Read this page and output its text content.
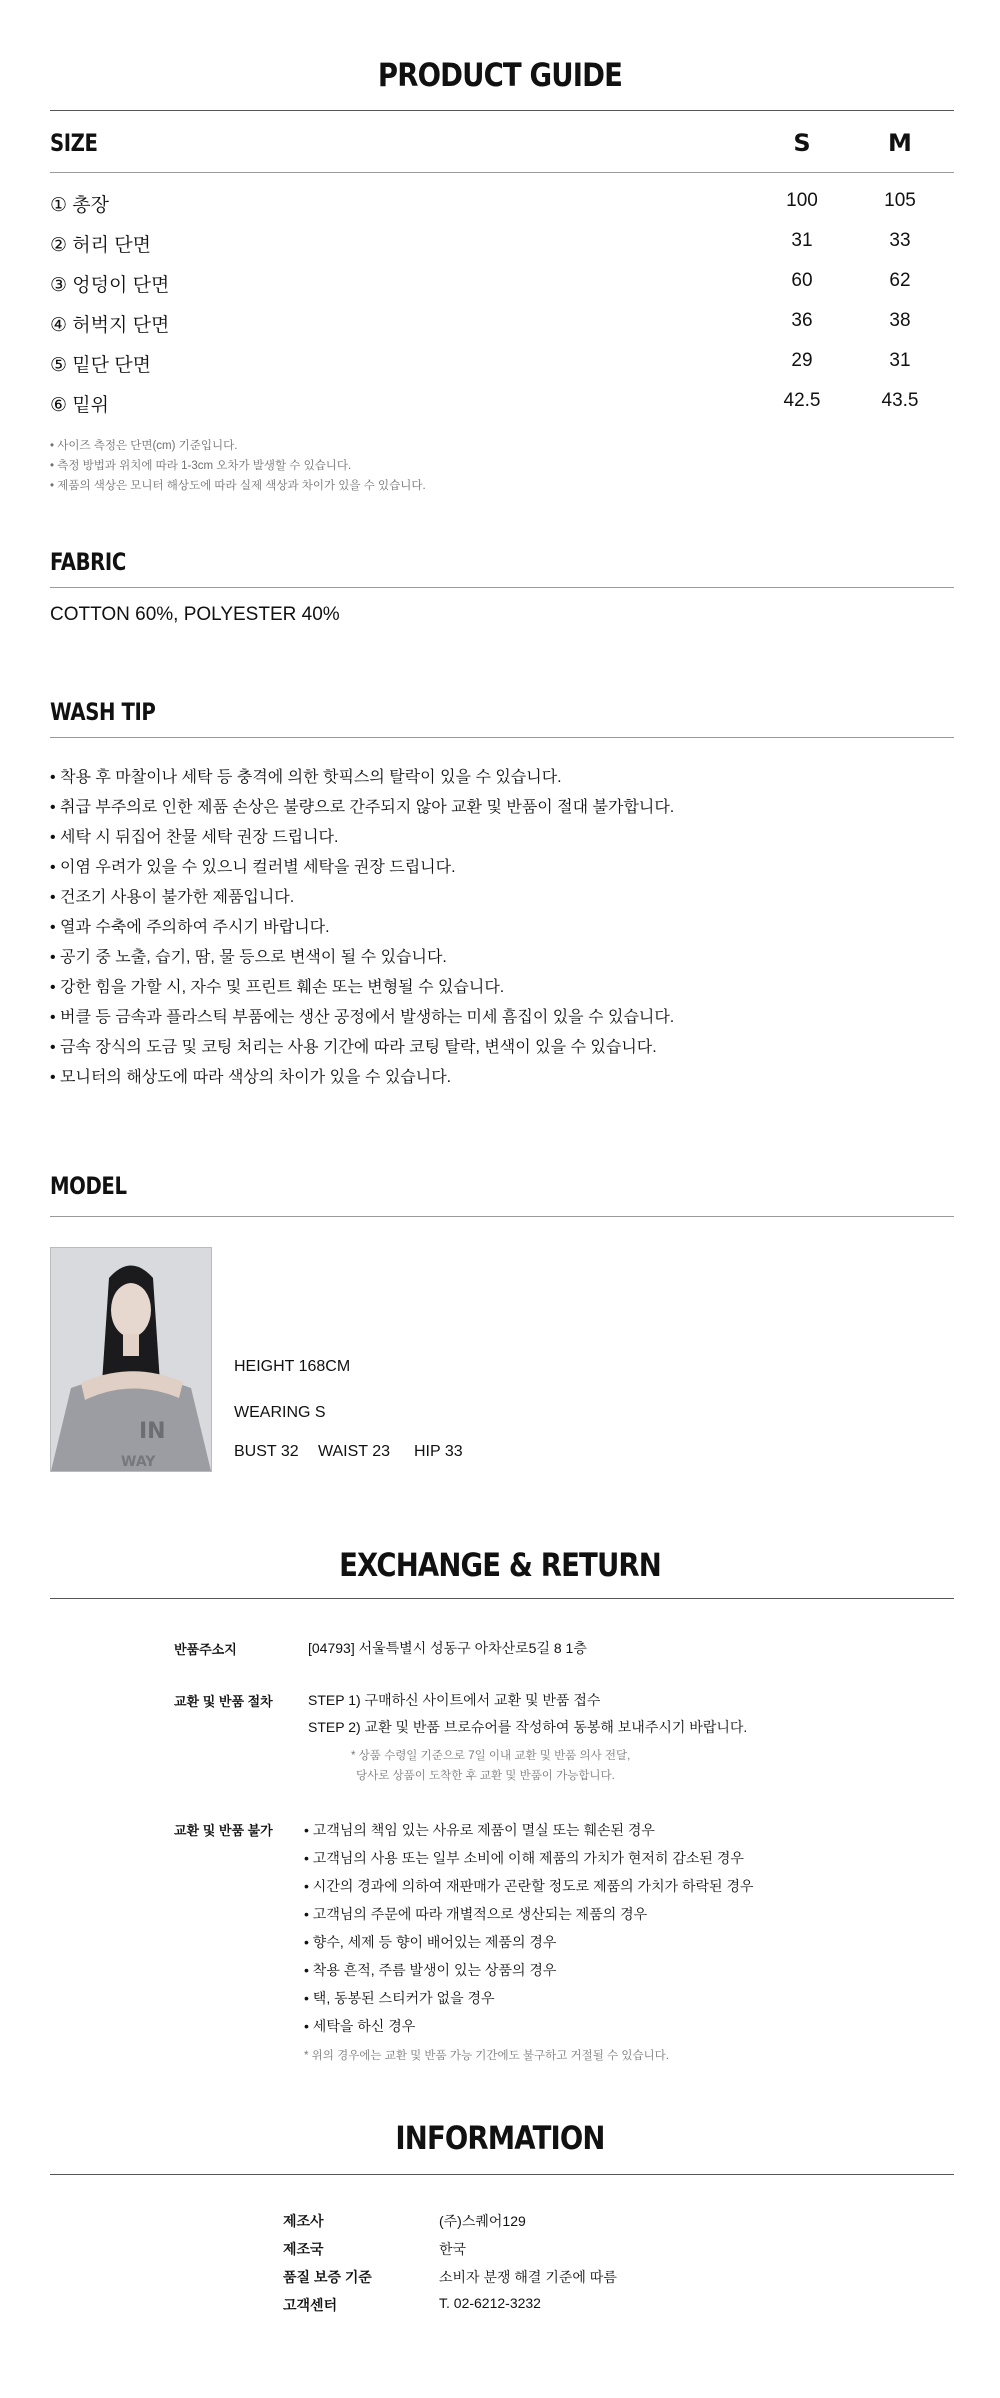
PRODUCT GUIDE
SIZE	S	M
① 총장	100	105
② 허리 단면	31	33
③ 엉덩이 단면	60	62
④ 허벅지 단면	36	38
⑤ 밑단 단면	29	31
⑥ 밑위	42.5	43.5
• 사이즈 측정은 단면(cm) 기준입니다.
• 측정 방법과 위치에 따라 1-3cm 오차가 발생할 수 있습니다.
• 제품의 색상은 모니터 해상도에 따라 실제 색상과 차이가 있을 수 있습니다.
FABRIC
COTTON 60%, POLYESTER 40%
WASH TIP
• 착용 후 마찰이나 세탁 등 충격에 의한 핫픽스의 탈락이 있을 수 있습니다.
• 취급 부주의로 인한 제품 손상은 불량으로 간주되지 않아 교환 및 반품이 절대 불가합니다.
• 세탁 시 뒤집어 찬물 세탁 권장 드립니다.
• 이염 우려가 있을 수 있으니 컬러별 세탁을 권장 드립니다.
• 건조기 사용이 불가한 제품입니다.
• 열과 수축에 주의하여 주시기 바랍니다.
• 공기 중 노출, 습기, 땀, 물 등으로 변색이 될 수 있습니다.
• 강한 힘을 가할 시, 자수 및 프린트 훼손 또는 변형될 수 있습니다.
• 버클 등 금속과 플라스틱 부품에는 생산 공정에서 발생하는 미세 흠집이 있을 수 있습니다.
• 금속 장식의 도금 및 코팅 처리는 사용 기간에 따라 코팅 탈락, 변색이 있을 수 있습니다.
• 모니터의 해상도에 따라 색상의 차이가 있을 수 있습니다.
MODEL
IN
WAY
HEIGHT 168CM
WEARING S
BUST 32 WAIST 23 HIP 33
EXCHANGE & RETURN
반품주소지	[04793] 서울특별시 성동구 아차산로5길 8 1층
교환 및 반품 절차	STEP 1) 구매하신 사이트에서 교환 및 반품 접수
STEP 2) 교환 및 반품 브로슈어를 작성하여 동봉해 보내주시기 바랍니다.
* 상품 수령일 기준으로 7일 이내 교환 및 반품 의사 전달,
당사로 상품이 도착한 후 교환 및 반품이 가능합니다.
교환 및 반품 불가 • 고객님의 책임 있는 사유로 제품이 멸실 또는 훼손된 경우
• 고객님의 사용 또는 일부 소비에 이해 제품의 가치가 현저히 감소된 경우
• 시간의 경과에 의하여 재판매가 곤란할 정도로 제품의 가치가 하락된 경우
• 고객님의 주문에 따라 개별적으로 생산되는 제품의 경우
• 향수, 세제 등 향이 배어있는 제품의 경우
• 착용 흔적, 주름 발생이 있는 상품의 경우
• 택, 동봉된 스티커가 없을 경우
• 세탁을 하신 경우
* 위의 경우에는 교환 및 반품 가능 기간에도 불구하고 거절될 수 있습니다.
INFORMATION
제조사	(주)스퀘어129
제조국	한국
품질 보증 기준	소비자 분쟁 해결 기준에 따름
고객센터	T. 02-6212-3232
